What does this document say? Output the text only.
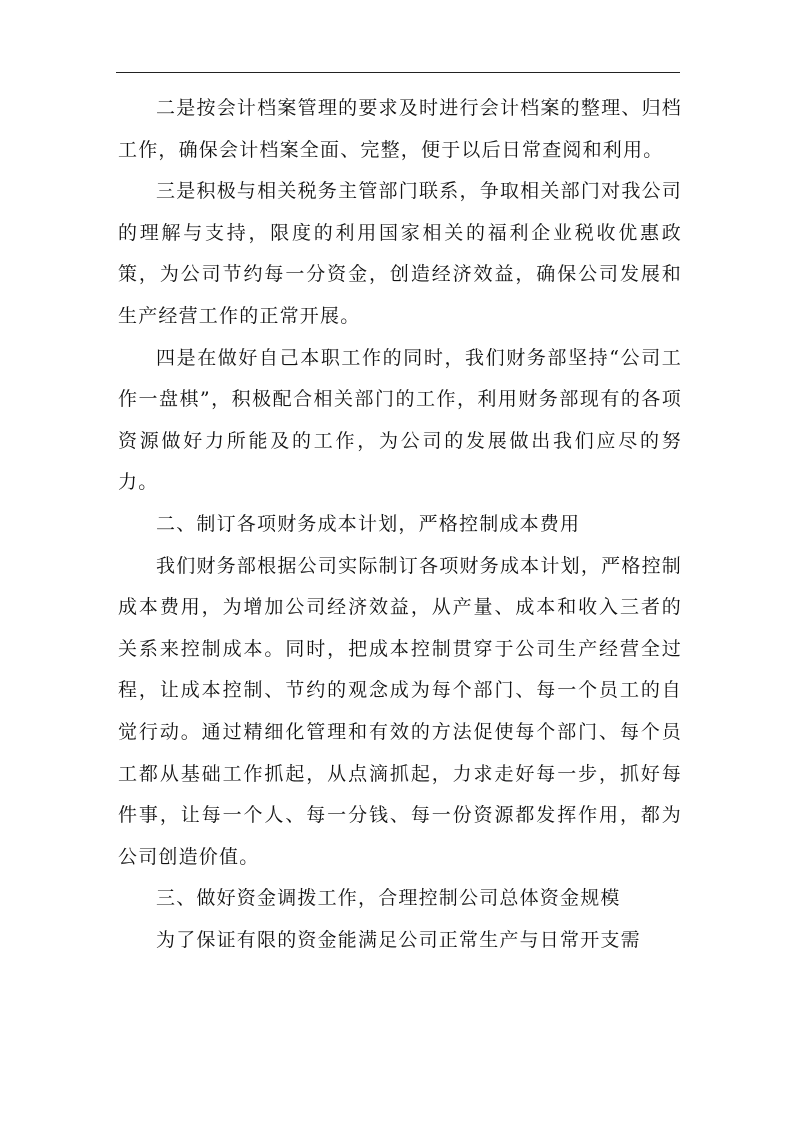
二是按会计档案管理的要求及时进行会计档案的整理、归档工作，确保会计档案全面、完整，便于以后日常查阅和利用。

三是积极与相关税务主管部门联系，争取相关部门对我公司的理解与支持，限度的利用国家相关的福利企业税收优惠政策，为公司节约每一分资金，创造经济效益，确保公司发展和生产经营工作的正常开展。

四是在做好自己本职工作的同时，我们财务部坚持“公司工作一盘棋”，积极配合相关部门的工作，利用财务部现有的各项资源做好力所能及的工作，为公司的发展做出我们应尽的努力。

二、制订各项财务成本计划，严格控制成本费用

我们财务部根据公司实际制订各项财务成本计划，严格控制成本费用，为增加公司经济效益，从产量、成本和收入三者的关系来控制成本。同时，把成本控制贯穿于公司生产经营全过程，让成本控制、节约的观念成为每个部门、每一个员工的自觉行动。通过精细化管理和有效的方法促使每个部门、每个员工都从基础工作抓起，从点滴抓起，力求走好每一步，抓好每件事，让每一个人、每一分钱、每一份资源都发挥作用，都为公司创造价值。

三、做好资金调拨工作，合理控制公司总体资金规模

为了保证有限的资金能满足公司正常生产与日常开支需
